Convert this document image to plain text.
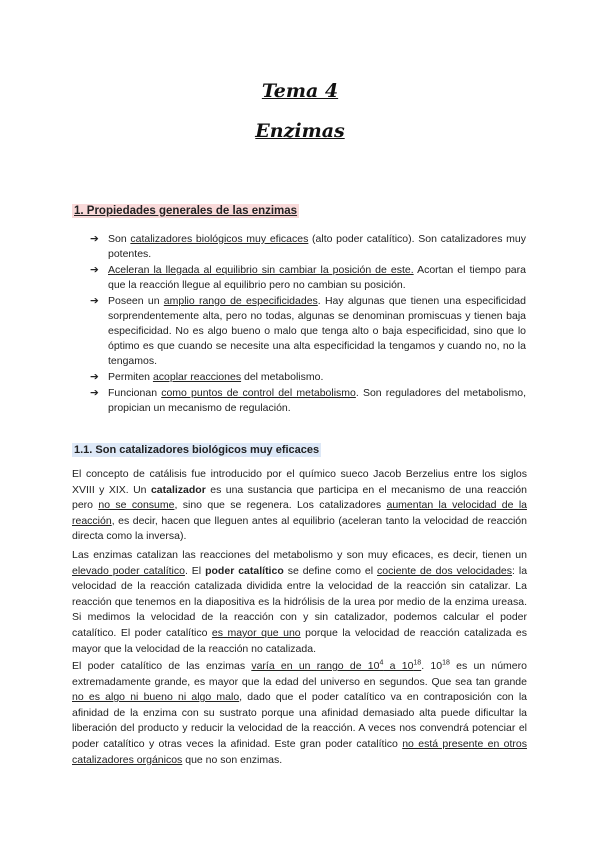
Tema 4
Enzimas
1. Propiedades generales de las enzimas
➔ Son catalizadores biológicos muy eficaces (alto poder catalítico). Son catalizadores muy potentes.
➔ Aceleran la llegada al equilibrio sin cambiar la posición de este. Acortan el tiempo para que la reacción llegue al equilibrio pero no cambian su posición.
➔ Poseen un amplio rango de especificidades. Hay algunas que tienen una especificidad sorprendentemente alta, pero no todas, algunas se denominan promiscuas y tienen baja especificidad. No es algo bueno o malo que tenga alto o baja especificidad, sino que lo óptimo es que cuando se necesite una alta especificidad la tengamos y cuando no, no la tengamos.
➔ Permiten acoplar reacciones del metabolismo.
➔ Funcionan como puntos de control del metabolismo. Son reguladores del metabolismo, propician un mecanismo de regulación.
1.1. Son catalizadores biológicos muy eficaces

El concepto de catálisis fue introducido por el químico sueco Jacob Berzelius entre los siglos XVIII y XIX. Un catalizador es una sustancia que participa en el mecanismo de una reacción pero no se consume, sino que se regenera. Los catalizadores aumentan la velocidad de la reacción, es decir, hacen que lleguen antes al equilibrio (aceleran tanto la velocidad de reacción directa como la inversa).

Las enzimas catalizan las reacciones del metabolismo y son muy eficaces, es decir, tienen un elevado poder catalítico. El poder catalítico se define como el cociente de dos velocidades: la velocidad de la reacción catalizada dividida entre la velocidad de la reacción sin catalizar. La reacción que tenemos en la diapositiva es la hidrólisis de la urea por medio de la enzima ureasa. Si medimos la velocidad de la reacción con y sin catalizador, podemos calcular el poder catalítico. El poder catalítico es mayor que uno porque la velocidad de reacción catalizada es mayor que la velocidad de la reacción no catalizada.

El poder catalítico de las enzimas varía en un rango de $10^4$ a $10^{18}$. $10^{18}$ es un número extremadamente grande, es mayor que la edad del universo en segundos. Que sea tan grande no es algo ni bueno ni algo malo, dado que el poder catalítico va en contraposición con la afinidad de la enzima con su sustrato porque una afinidad demasiado alta puede dificultar la liberación del producto y reducir la velocidad de la reacción. A veces nos convendrá potenciar el poder catalítico y otras veces la afinidad. Este gran poder catalítico no está presente en otros catalizadores orgánicos que no son enzimas.
